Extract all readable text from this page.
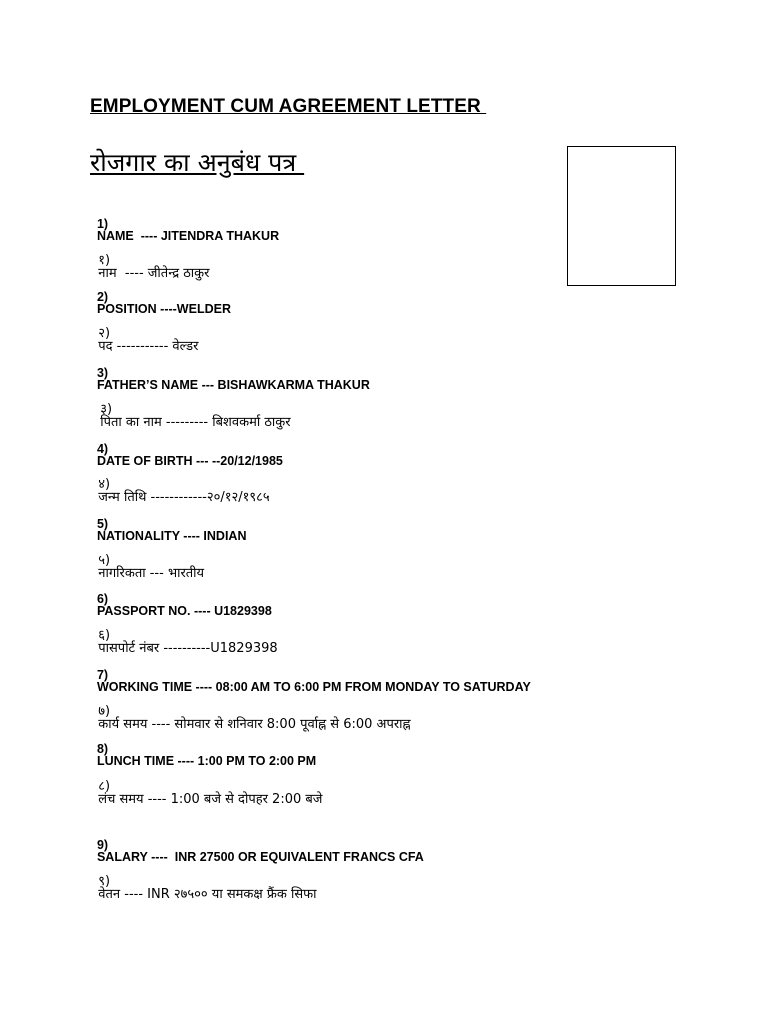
EMPLOYMENT CUM AGREEMENT LETTER
रोजगार का अनुबंध पत्र

1)
NAME  ---- JITENDRA THAKUR

१)
नाम  ---- जीतेन्द्र ठाकुर

2)
POSITION ----WELDER

२)
पद ----------- वेल्डर

3)
FATHER’S NAME --- BISHAWKARMA THAKUR

३)
पिता का नाम --------- बिशवकर्मा ठाकुर

4)
DATE OF BIRTH --- --20/12/1985

४)
जन्म तिथि ------------२०/१२/१९८५

5)
NATIONALITY ---- INDIAN

५)
नागरिकता --- भारतीय

6)
PASSPORT NO. ---- U1829398

६)
पासपोर्ट नंबर ----------U1829398

7)
WORKING TIME ---- 08:00 AM TO 6:00 PM FROM MONDAY TO SATURDAY

७)
कार्य समय ---- सोमवार से शनिवार 8:00 पूर्वाह्न से 6:00 अपराह्न

8)
LUNCH TIME ---- 1:00 PM TO 2:00 PM

८)
लंच समय ---- 1:00 बजे से दोपहर 2:00 बजे

9)
SALARY ----  INR 27500 OR EQUIVALENT FRANCS CFA

९)
वेतन ---- INR २७५०० या समकक्ष फ्रैंक सिफा
